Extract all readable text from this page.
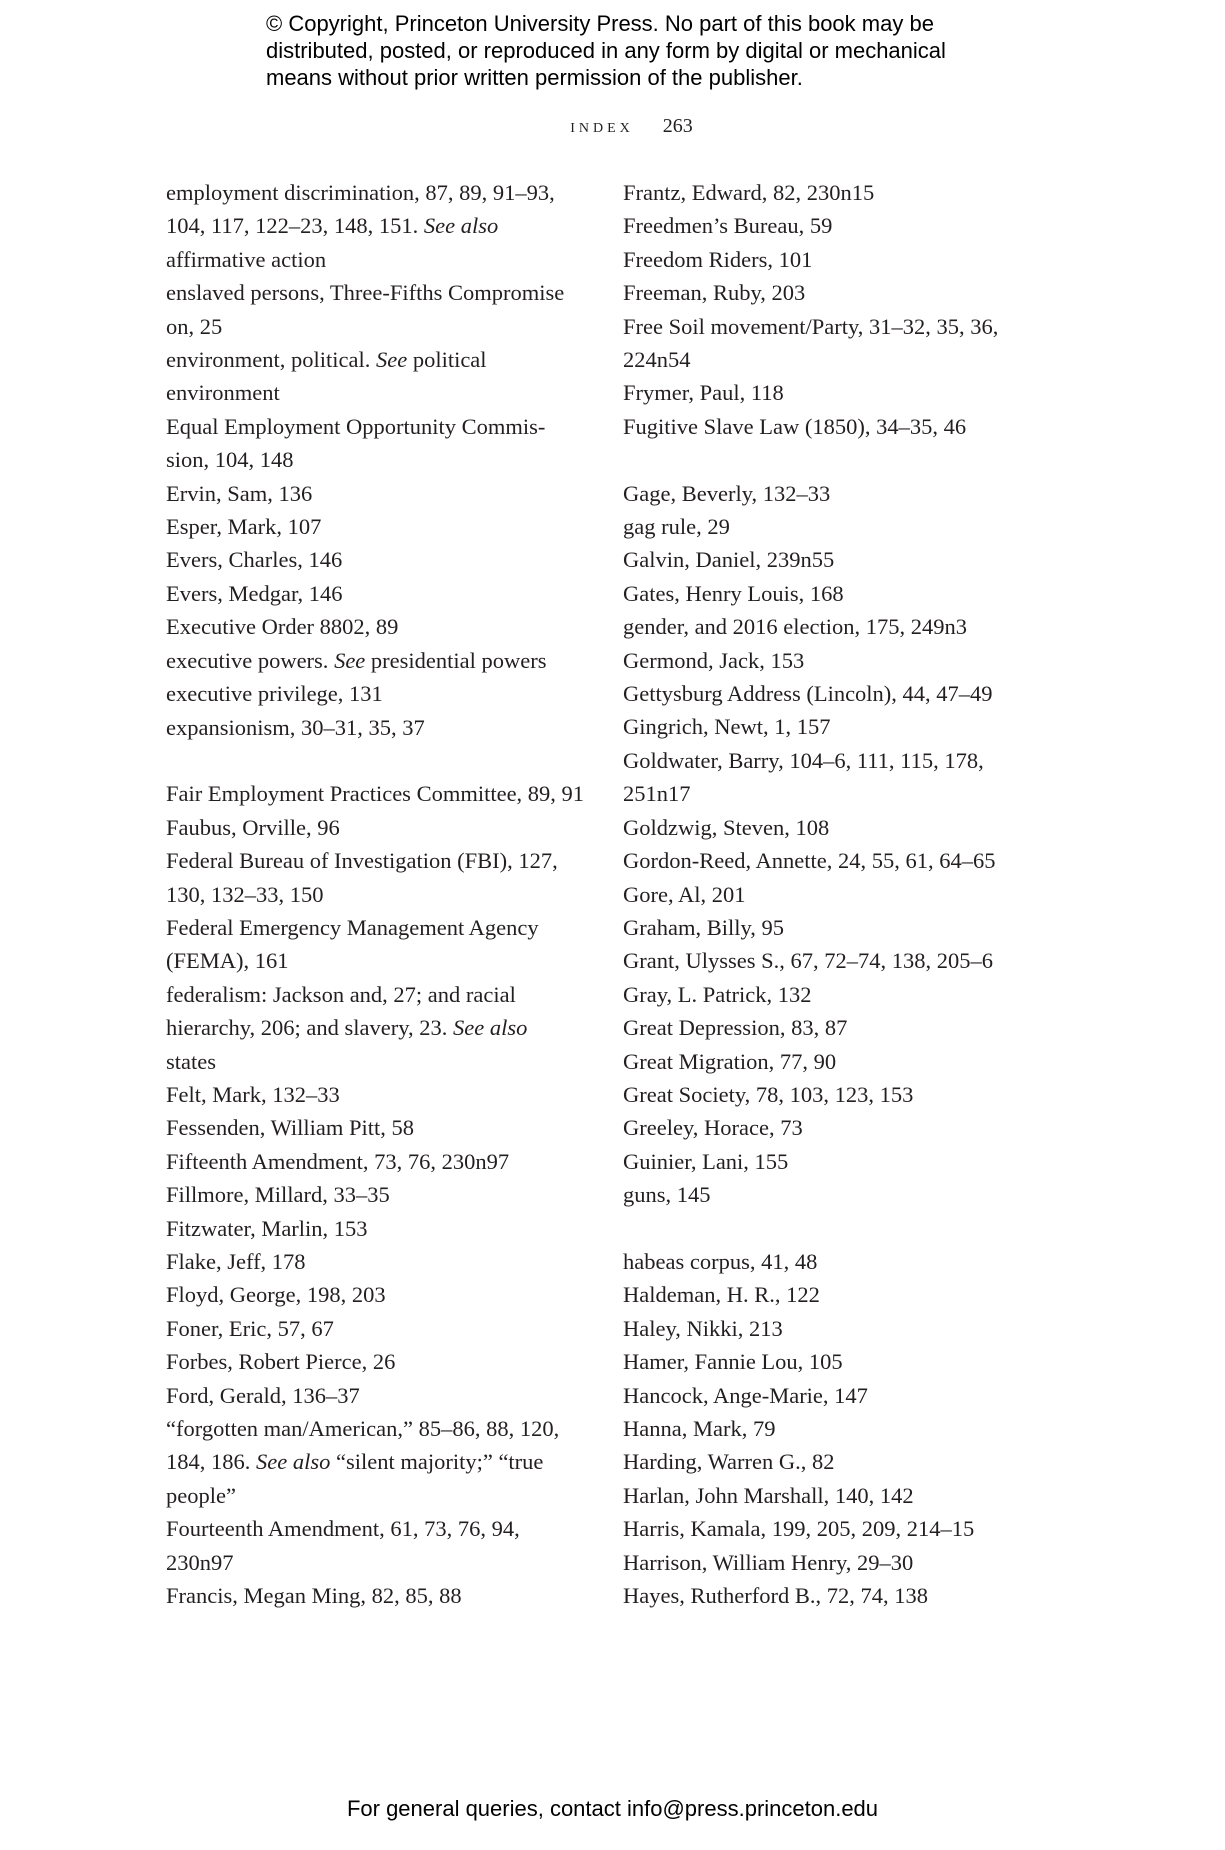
© Copyright, Princeton University Press. No part of this book may be
distributed, posted, or reproduced in any form by digital or mechanical
means without prior written permission of the publisher.
index 263
employment discrimination, 87, 89, 91–93,
104, 117, 122–23, 148, 151. See also
affirmative action
enslaved persons, Three-Fifths Compromise
on, 25
environment, political. See political
environment
Equal Employment Opportunity Commis-
sion, 104, 148
Ervin, Sam, 136
Esper, Mark, 107
Evers, Charles, 146
Evers, Medgar, 146
Executive Order 8802, 89
executive powers. See presidential powers
executive privilege, 131
expansionism, 30–31, 35, 37
Fair Employment Practices Committee, 89, 91
Faubus, Orville, 96
Federal Bureau of Investigation (FBI), 127,
130, 132–33, 150
Federal Emergency Management Agency
(FEMA), 161
federalism: Jackson and, 27; and racial
hierarchy, 206; and slavery, 23. See also
states
Felt, Mark, 132–33
Fessenden, William Pitt, 58
Fifteenth Amendment, 73, 76, 230n97
Fillmore, Millard, 33–35
Fitzwater, Marlin, 153
Flake, Jeff, 178
Floyd, George, 198, 203
Foner, Eric, 57, 67
Forbes, Robert Pierce, 26
Ford, Gerald, 136–37
“forgotten man/American,” 85–86, 88, 120,
184, 186. See also “silent majority;” “true
people”
Fourteenth Amendment, 61, 73, 76, 94,
230n97
Francis, Megan Ming, 82, 85, 88
Frantz, Edward, 82, 230n15
Freedmen’s Bureau, 59
Freedom Riders, 101
Freeman, Ruby, 203
Free Soil movement/Party, 31–32, 35, 36,
224n54
Frymer, Paul, 118
Fugitive Slave Law (1850), 34–35, 46
Gage, Beverly, 132–33
gag rule, 29
Galvin, Daniel, 239n55
Gates, Henry Louis, 168
gender, and 2016 election, 175, 249n3
Germond, Jack, 153
Gettysburg Address (Lincoln), 44, 47–49
Gingrich, Newt, 1, 157
Goldwater, Barry, 104–6, 111, 115, 178,
251n17
Goldzwig, Steven, 108
Gordon-Reed, Annette, 24, 55, 61, 64–65
Gore, Al, 201
Graham, Billy, 95
Grant, Ulysses S., 67, 72–74, 138, 205–6
Gray, L. Patrick, 132
Great Depression, 83, 87
Great Migration, 77, 90
Great Society, 78, 103, 123, 153
Greeley, Horace, 73
Guinier, Lani, 155
guns, 145
habeas corpus, 41, 48
Haldeman, H. R., 122
Haley, Nikki, 213
Hamer, Fannie Lou, 105
Hancock, Ange-Marie, 147
Hanna, Mark, 79
Harding, Warren G., 82
Harlan, John Marshall, 140, 142
Harris, Kamala, 199, 205, 209, 214–15
Harrison, William Henry, 29–30
Hayes, Rutherford B., 72, 74, 138
For general queries, contact info@press.princeton.edu
